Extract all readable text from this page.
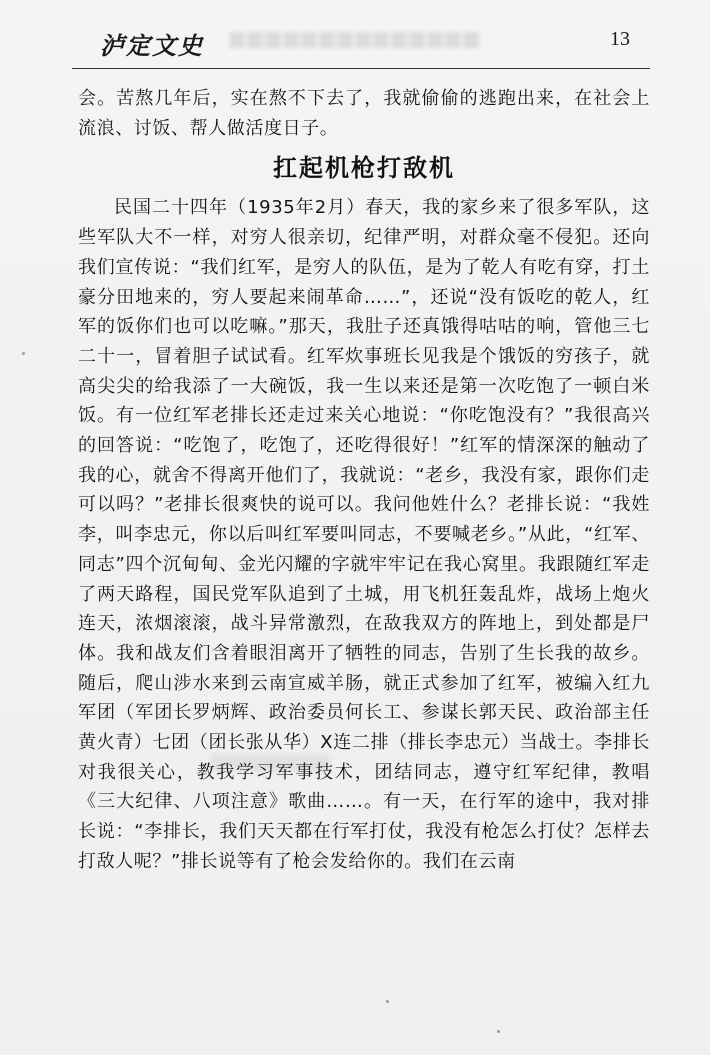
泸定文史	13

会。苦熬几年后，实在熬不下去了，我就偷偷的逃跑出来，在社会上流浪、讨饭、帮人做活度日子。

扛起机枪打敌机

民国二十四年（1935年2月）春天，我的家乡来了很多军队，这些军队大不一样，对穷人很亲切，纪律严明，对群众毫不侵犯。还向我们宣传说：“我们红军，是穷人的队伍，是为了乾人有吃有穿，打土豪分田地来的，穷人要起来闹革命……”，还说“没有饭吃的乾人，红军的饭你们也可以吃嘛。”那天，我肚子还真饿得咕咕的响，管他三七二十一，冒着胆子试试看。红军炊事班长见我是个饿饭的穷孩子，就高尖尖的给我添了一大碗饭，我一生以来还是第一次吃饱了一顿白米饭。有一位红军老排长还走过来关心地说：“你吃饱没有？”我很高兴的回答说：“吃饱了，吃饱了，还吃得很好！”红军的情深深的触动了我的心，就舍不得离开他们了，我就说：“老乡，我没有家，跟你们走可以吗？”老排长很爽快的说可以。我问他姓什么？老排长说：“我姓李，叫李忠元，你以后叫红军要叫同志，不要喊老乡。”从此，“红军、同志”四个沉甸甸、金光闪耀的字就牢牢记在我心窝里。我跟随红军走了两天路程，国民党军队追到了土城，用飞机狂轰乱炸，战场上炮火连天，浓烟滚滚，战斗异常激烈，在敌我双方的阵地上，到处都是尸体。我和战友们含着眼泪离开了牺牲的同志，告别了生长我的故乡。随后，爬山涉水来到云南宣威羊肠，就正式参加了红军，被编入红九军团（军团长罗炳辉、政治委员何长工、参谋长郭天民、政治部主任黄火青）七团（团长张从华）X连二排（排长李忠元）当战士。李排长对我很关心，教我学习军事技术，团结同志，遵守红军纪律，教唱《三大纪律、八项注意》歌曲……。有一天，在行军的途中，我对排长说：“李排长，我们天天都在行军打仗，我没有枪怎么打仗？怎样去打敌人呢？”排长说等有了枪会发给你的。我们在云南
